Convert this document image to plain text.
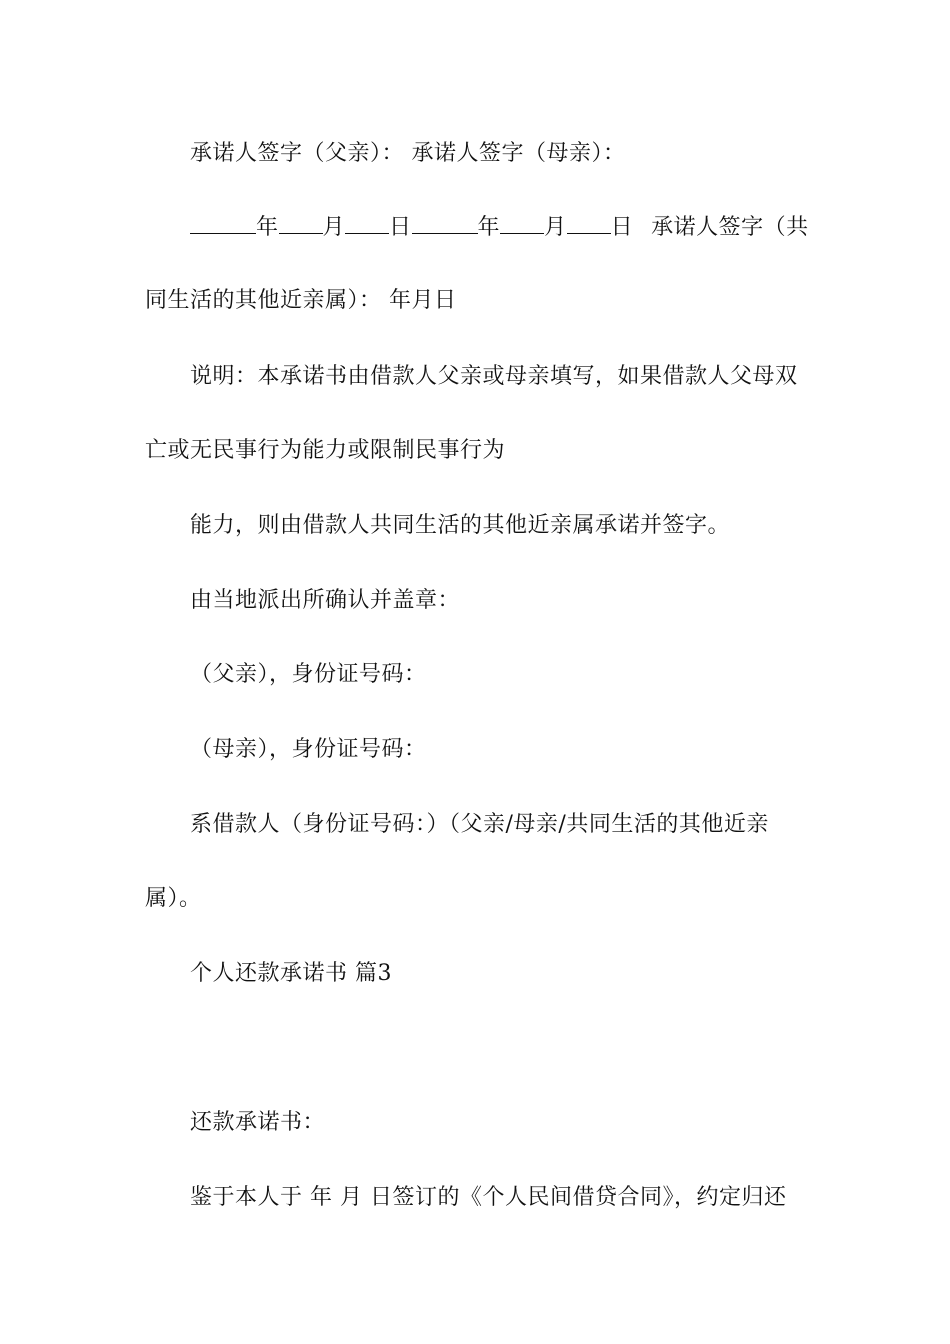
承诺人签字（父亲）： 承诺人签字（母亲）：
年 月 日	年 月 日 承诺人签字（共
同生活的其他近亲属）： 年月日
说明：本承诺书由借款人父亲或母亲填写，如果借款人父母双
亡或无民事行为能力或限制民事行为
能力，则由借款人共同生活的其他近亲属承诺并签字。
由当地派出所确认并盖章：
（父亲），身份证号码：
（母亲），身份证号码：
系借款人（身份证号码：）（父亲/母亲/共同生活的其他近亲
属）。
个人还款承诺书 篇3
还款承诺书：
鉴于本人于 年 月 日签订的《个人民间借贷合同》，约定归还
